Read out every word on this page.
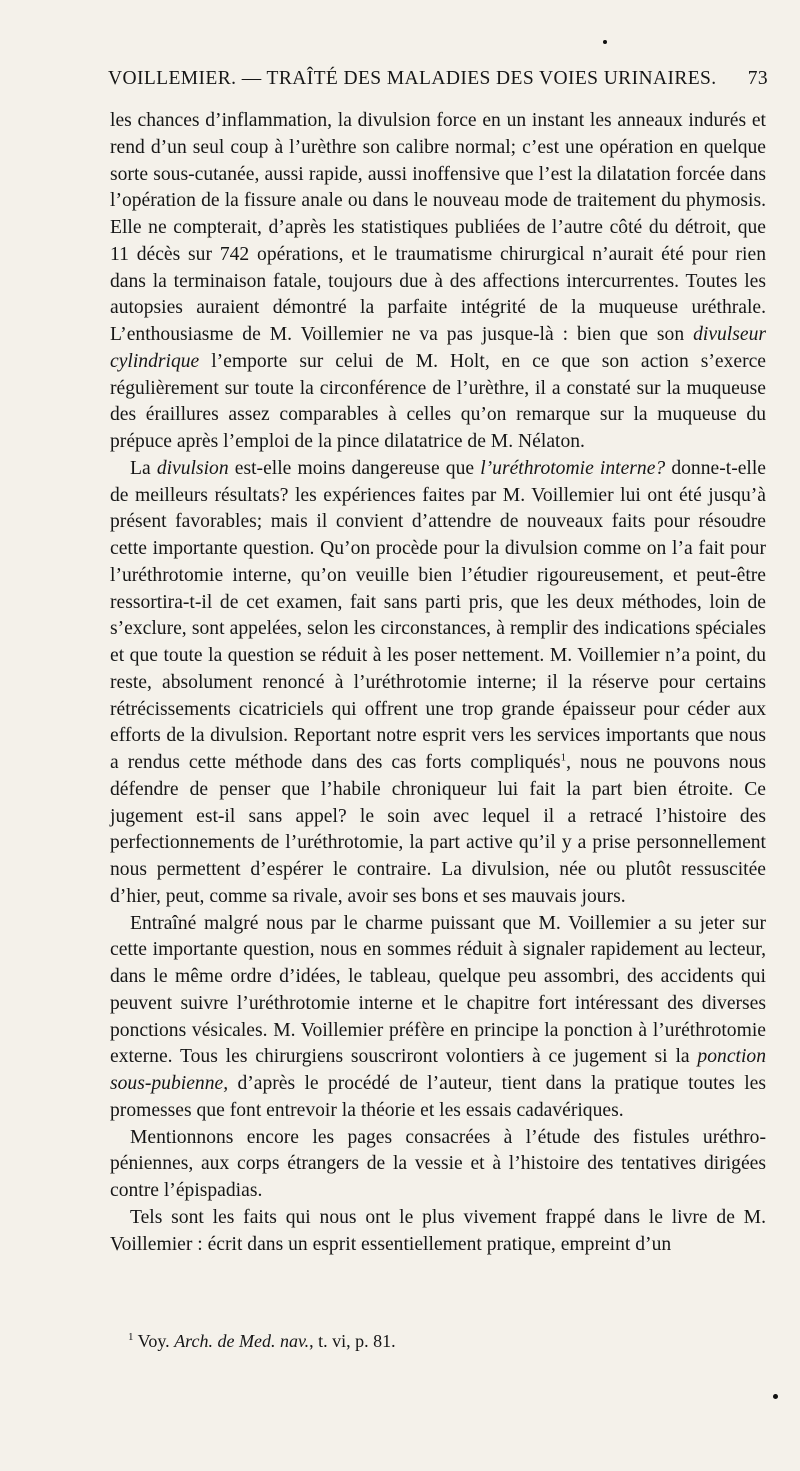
VOILLEMIER. — TRAÎTÉ DES MALADIES DES VOIES URINAIRES. 73

les chances d’inflammation, la divulsion force en un instant les anneaux indurés et rend d’un seul coup à l’urèthre son calibre normal; c’est une opération en quelque sorte sous-cutanée, aussi rapide, aussi inoffensive que l’est la dilatation forcée dans l’opération de la fissure anale ou dans le nouveau mode de traitement du phymosis. Elle ne compterait, d’après les statistiques publiées de l’autre côté du détroit, que 11 décès sur 742 opérations, et le traumatisme chirurgical n’aurait été pour rien dans la terminaison fatale, toujours due à des affections intercurrentes. Toutes les autopsies auraient démontré la parfaite intégrité de la muqueuse uréthrale. L’enthousiasme de M. Voillemier ne va pas jusque-là : bien que son divulseur cylindrique l’emporte sur celui de M. Holt, en ce que son action s’exerce régulièrement sur toute la circonférence de l’urèthre, il a constaté sur la muqueuse des éraillures assez comparables à celles qu’on remarque sur la muqueuse du prépuce après l’emploi de la pince dilatatrice de M. Nélaton.

La divulsion est-elle moins dangereuse que l’uréthrotomie interne? donne-t-elle de meilleurs résultats? les expériences faites par M. Voillemier lui ont été jusqu’à présent favorables; mais il convient d’attendre de nouveaux faits pour résoudre cette importante question. Qu’on procède pour la divulsion comme on l’a fait pour l’uréthrotomie interne, qu’on veuille bien l’étudier rigoureusement, et peut-être ressortira-t-il de cet examen, fait sans parti pris, que les deux méthodes, loin de s’exclure, sont appelées, selon les circonstances, à remplir des indications spéciales et que toute la question se réduit à les poser nettement. M. Voillemier n’a point, du reste, absolument renoncé à l’uréthrotomie interne; il la réserve pour certains rétrécissements cicatriciels qui offrent une trop grande épaisseur pour céder aux efforts de la divulsion. Reportant notre esprit vers les services importants que nous a rendus cette méthode dans des cas forts compliqués$^1$, nous ne pouvons nous défendre de penser que l’habile chroniqueur lui fait la part bien étroite. Ce jugement est-il sans appel? le soin avec lequel il a retracé l’histoire des perfectionnements de l’uréthrotomie, la part active qu’il y a prise personnellement nous permettent d’espérer le contraire. La divulsion, née ou plutôt ressuscitée d’hier, peut, comme sa rivale, avoir ses bons et ses mauvais jours.

Entraîné malgré nous par le charme puissant que M. Voillemier a su jeter sur cette importante question, nous en sommes réduit à signaler rapidement au lecteur, dans le même ordre d’idées, le tableau, quelque peu assombri, des accidents qui peuvent suivre l’uréthrotomie interne et le chapitre fort intéressant des diverses ponctions vésicales. M. Voillemier préfère en principe la ponction à l’uréthrotomie externe. Tous les chirurgiens souscriront volontiers à ce jugement si la ponction sous-pubienne, d’après le procédé de l’auteur, tient dans la pratique toutes les promesses que font entrevoir la théorie et les essais cadavériques.

Mentionnons encore les pages consacrées à l’étude des fistules uréthro-péniennes, aux corps étrangers de la vessie et à l’histoire des tentatives dirigées contre l’épispadias.

Tels sont les faits qui nous ont le plus vivement frappé dans le livre de M. Voillemier : écrit dans un esprit essentiellement pratique, empreint d’un

$^1$ Voy. Arch. de Med. nav., t. vi, p. 81.
